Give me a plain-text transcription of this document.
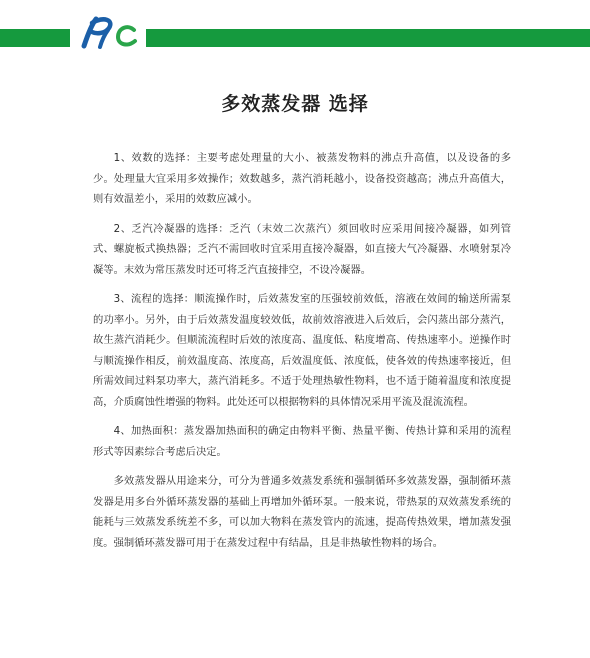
多效蒸发器 选择

1、效数的选择：主要考虑处理量的大小、被蒸发物料的沸点升高值，以及设备的多少。处理量大宜采用多效操作；效数越多，蒸汽消耗越小，设备投资越高；沸点升高值大，则有效温差小，采用的效数应减小。

2、乏汽冷凝器的选择：乏汽（末效二次蒸汽）须回收时应采用间接冷凝器，如列管式、螺旋板式换热器；乏汽不需回收时宜采用直接冷凝器，如直接大气冷凝器、水喷射泵冷凝等。末效为常压蒸发时还可将乏汽直接排空，不设冷凝器。

3、流程的选择：顺流操作时，后效蒸发室的压强较前效低，溶液在效间的输送所需泵的功率小。另外，由于后效蒸发温度较效低，故前效溶液进入后效后，会闪蒸出部分蒸汽，故生蒸汽消耗少。但顺流流程时后效的浓度高、温度低、粘度增高、传热速率小。逆操作时与顺流操作相反，前效温度高、浓度高，后效温度低、浓度低，使各效的传热速率接近，但所需效间过料泵功率大，蒸汽消耗多。不适于处理热敏性物料，也不适于随着温度和浓度提高，介质腐蚀性增强的物料。此处还可以根据物料的具体情况采用平流及混流流程。

4、加热面积：蒸发器加热面积的确定由物料平衡、热量平衡、传热计算和采用的流程形式等因素综合考虑后决定。

多效蒸发器从用途来分，可分为普通多效蒸发系统和强制循环多效蒸发器，强制循环蒸发器是用多台外循环蒸发器的基础上再增加外循环泵。一般来说，带热泵的双效蒸发系统的能耗与三效蒸发系统差不多，可以加大物料在蒸发管内的流速，提高传热效果，增加蒸发强度。强制循环蒸发器可用于在蒸发过程中有结晶，且是非热敏性物料的场合。
